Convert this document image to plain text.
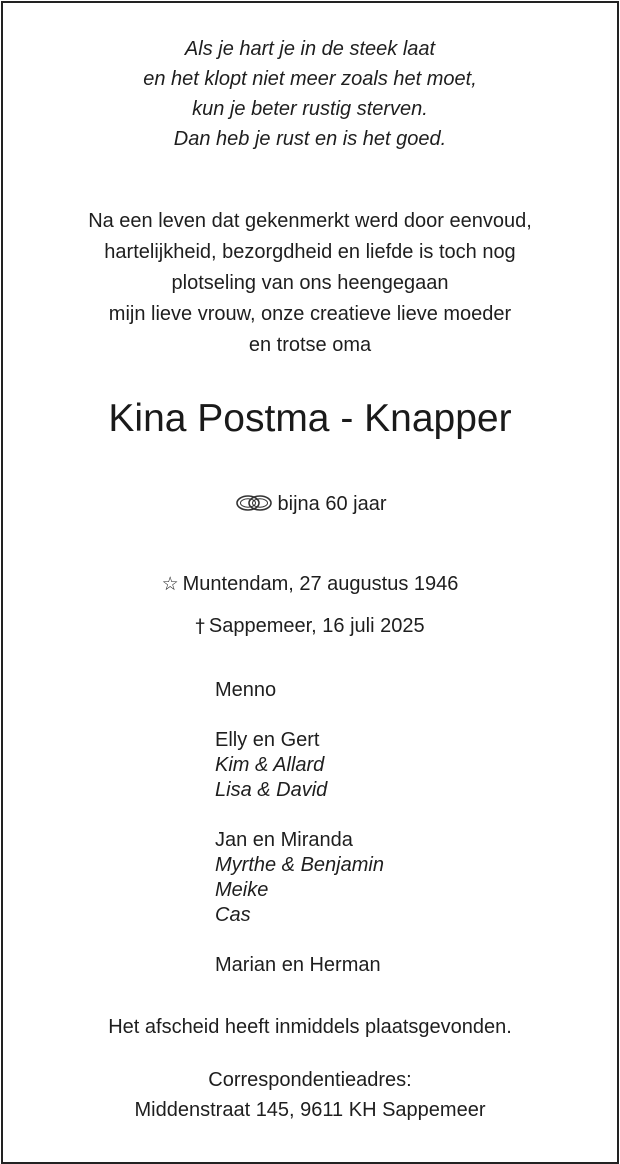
Als je hart je in de steek laat
en het klopt niet meer zoals het moet,
kun je beter rustig sterven.
Dan heb je rust en is het goed.
Na een leven dat gekenmerkt werd door eenvoud,
hartelijkheid, bezorgdheid en liefde is toch nog
plotseling van ons heengegaan
mijn lieve vrouw, onze creatieve lieve moeder
en trotse oma
Kina Postma - Knapper
bijna 60 jaar
☆ Muntendam, 27 augustus 1946
† Sappemeer, 16 juli 2025
Menno
Elly en Gert
Kim & Allard
Lisa & David
Jan en Miranda
Myrthe & Benjamin
Meike
Cas
Marian en Herman
Het afscheid heeft inmiddels plaatsgevonden.
Correspondentieadres:
Middenstraat 145, 9611 KH Sappemeer
